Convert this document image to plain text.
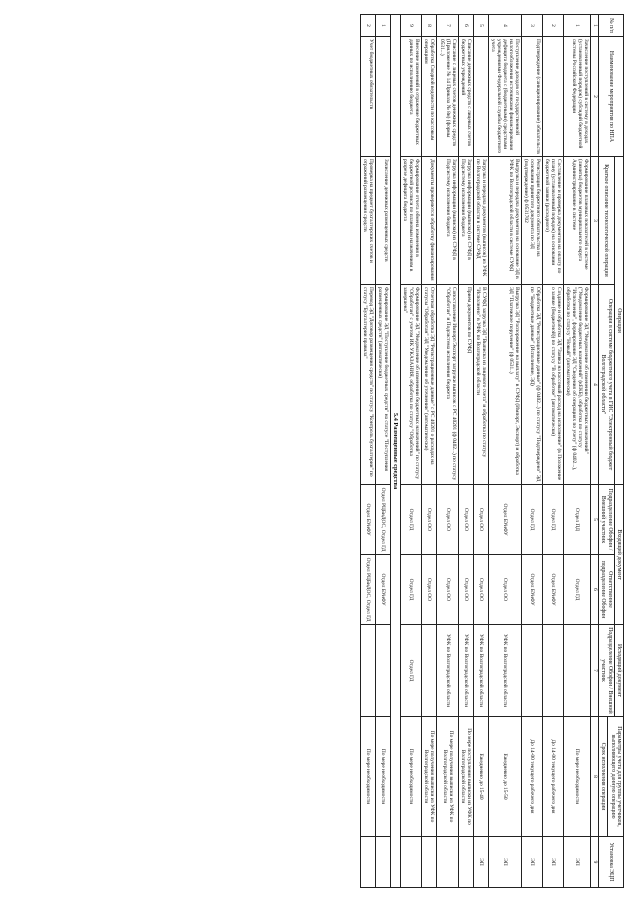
№ п/п	Наименование мероприятия по НПА	Операции		Входящий документ		Исходящий документ	Параметры учета для группы учетчиков, выполняющего данную операцию	Установка ЭЦП
		Краткое описание технологической операции	Операции в системе бюджетного учета в ГИС "Электронный бюджет Волгоградской области"	Подразделение Обофин / Внешний участник	Ответственное подразделение Обофин	Подразделение Обофин / Внешний участник		
							Срок исполнения операции	
1	2	3	4	5	6	7	8	9
1	Зачисление поступлений в систему в доходах (установленный порядок) субсидий бюджетной системы Российской Федерации	Формирование плановых показателей в системе (лимиты) бюджетов муниципального округа Администрирование в системе	Формирование ЭД "Уведомление об изменении бюджетных назначений" ("Уведомление бюджетных назначений" (кЕКБ), обработка по статусу "Исполнение", формирование ЭД "Сведения об операциях по учету" (ф 0402...), обработка по статусу "Новый" (автоматически)	Отдел ПД	Отдел ГД		По мере необходимости	ЭП
2		Составление и проверка документов на оплату по плану (установленный порядок) на основании бюджетной заявки (расходного)	Создание и обработка ЭД "Заявка на кассовый расход на исполнение" (в Положение о заявке (бюджетной)) по статусу "В обработке" (автоматически)	Отдел ГД	Отдел БУиФУ		До 14-00 текущего рабочего дня	ЭП
3	Подтверждение (санкционирование) обязательств	Регистрация бюджетного обязательства на основании принятого документа по ЭД (подтверждение) ф 0531702	Обработка ЭД "Регистрационные данные" (ф 0402...) по статусу "Подтверждено" ЭД по "Бюджетные данные" (Исполнение, ЭД)	Отдел ГД	Отдел БУиФУ		До 14-00 текущего рабочего дня	ЭП
4	Поступление доходов от государственной налогообложения источниками финансирования дефицита бюджета с (бюджетными) средствами учреждениями Федеральной службы бюджетного учета	Выгрузка и передача документов на основание ЭД в УФК по Волгоградской области в системе СУФД	Выгрузка ЭД "Распоряжение на выплату" в СУФД (Импорт, Экспорт) и обработка ЭД "Платежное поручение" (ф 0531..)	Отдел БУиФУ	Отдел ОО	УФК по Волгоградской области	Ежедневно до 15-50	ЭП
5		Загрузка и передача документов (выписок) из УФК по Волгоградской области в системе СУФД	В СУФД загрузка ЭД "Выписка из лицевого счета" и обработка по статусу "Исполнено" в УФК по Волгоградской области	Отдел ОО	Отдел ОО	УФК по Волгоградской области	Ежедневно до 15-40	ЭП
6	Списание денежных средств с лицевых счетов бюджетных учреждений	Загрузка информации (выписки) из СУФД в Подсистему исполнения бюджета	Прием документов по СУФД	Отдел ОО	Отдел ОО	УФК по Волгоградской области	По мере поступления выписки из УФК по Волгоградской области	
7	Списание с лицевых счетов денежных средств (Приложение № 14 Приказа № 8н) (формы 0531...)	Загрузка информации (выписки) из СУФД в Подсистему исполнения бюджета	Сопоставление Импорт/Экспорт загрузки выписок с РС 40201 (ф 0402...) по статусу "Обработан" и Подсистема исполнения бюджета	Отдел ОО	Отдел ОО	УФК по Волгоградской области	По мере получения выписки из УФК по Волгоградской области	
8	Обработка Сводной ведомости по кассовым операциям	Документы проверяются обработку финансирования	Отчетная обработка ЭД "Регистрационные данные" с РС 40201 о расходах на статусы "Обработан" ЭД "Уведомление об уточнении" (автоматически)	Отдел ОО	Отдел ОО		По мере получения выписки из УФК по Волгоградской области	
9	Внесение изменений в отражение бюджетных данных по исполнению бюджета	Формирование отчета обмена изменения в бюджетной росписи по плановым назначениям в разрезе дефицита бюджета	Формирование ЭД "Уведомление об изменении бюджетных назначений" по статусу "Обработан" с учетом ИК УКАЗАНИЯ, обработка по статусу "Обработка завершена"	Отдел ГД	Отдел ГД	Отдел ГД	По мере необходимости	
5.4 Размещенные средства								
1		Зачисление денежных размещенных средств	Формирование ЭД "Поступление бюджетных средств" на статусе "Поступления размещенных средств" (автоматически)	Отдел РЦБиДОС, Отдел ГД	Отдел БУиФУ		По мере необходимости	
2	Учет бюджетных обязательств	Проверка на предмет бухгалтерских счетов и отражений размещения средств	Перевод ЭД "Договор размещения средств" по статусу "Контроль бухгалтерии" по статусу "Бухгалтерии правила"	Отдел БУиФУ	Отдел РЦБиДОС, Отдел ГД		По мере необходимости	
